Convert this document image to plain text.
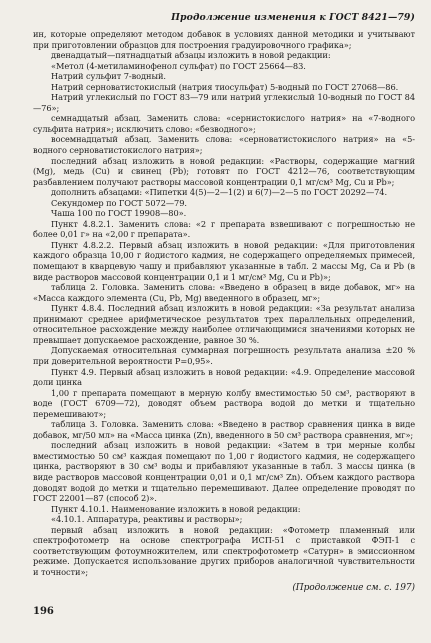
Продолжение изменения к ГОСТ 8421—79)

ин, которые определяют методом добавок в условиях данной методики и учитывают при приготовлении образцов для построения градуировочного графика»;

двенадцатый—пятнадцатый абзацы изложить в новой редакции:

«Метол (4-метиламинофенол сульфат) по ГОСТ 25664—83.

Натрий сульфит 7-водный.

Натрий серноватистокислый (натрия тиосульфат) 5-водный по ГОСТ 27068—86.

Натрий углекислый по ГОСТ 83—79 или натрий углекислый 10-водный по ГОСТ 84—76»;

семнадцатый абзац. Заменить слова: «сернистокислого натрия» на «7-водного сульфита натрия»; исключить слово: «безводного»;

восемнадцатый абзац. Заменить слова: «серноватистокислого натрия» на «5-водного серноватистокислого натрия»;

последний абзац изложить в новой редакции: «Растворы, содержащие магний (Mg), медь (Cu) и свинец (Pb); готовят по ГОСТ 4212—76, соответствующим разбавлением получают растворы массовой концентрации 0,1 мг/см³ Mg, Cu и Pb»;

дополнить абзацами: «Пипетки 4(5)—2—1(2) и 6(7)—2—5 по ГОСТ 20292—74.

Секундомер по ГОСТ 5072—79.

Чаша 100 по ГОСТ 19908—80».

Пункт 4.8.2.1. Заменить слова: «2 г препарата взвешивают с погрешностью не более 0,01 г» на «2,00 г препарата».

Пункт 4.8.2.2. Первый абзац изложить в новой редакции: «Для приготовления каждого образца 10,00 г йодистого кадмия, не содержащего определяемых примесей, помещают в кварцевую чашу и прибавляют указанные в табл. 2 массы Mg, Ca и Pb (в виде растворов массовой концентрации 0,1 и 1 мг/см³ Mg, Cu и Pb)»;

таблица 2. Головка. Заменить слова: «Введено в образец в виде добавок, мг» на «Масса каждого элемента (Cu, Pb, Mg) введенного в образец, мг»;

Пункт 4.8.4. Последний абзац изложить в новой редакции: «За результат анализа принимают среднее арифметическое результатов трех параллельных определений, относительное расхождение между наиболее отличающимися значениями которых не превышает допускаемое расхождение, равное 30 %.

Допускаемая относительная суммарная погрешность результата анализа ±20 % при доверительной вероятности P=0,95».

Пункт 4.9. Первый абзац изложить в новой редакции: «4.9. Определение массовой доли цинка

1,00 г препарата помещают в мерную колбу вместимостью 50 см³, растворяют в воде (ГОСТ 6709—72), доводят объем раствора водой до метки и тщательно перемешивают»;

таблица 3. Головка. Заменить слова: «Введено в раствор сравнения цинка в виде добавок, мг/50 мл» на «Масса цинка (Zn), введенного в 50 см³ раствора сравнения, мг»;

последний абзац изложить в новой редакции: «Затем в три мерные колбы вместимостью 50 см³ каждая помещают по 1,00 г йодистого кадмия, не содержащего цинка, растворяют в 30 см³ воды и прибавляют указанные в табл. 3 массы цинка (в виде растворов массовой концентрации 0,01 и 0,1 мг/см³ Zn). Объем каждого раствора доводят водой до метки и тщательно перемешивают. Далее определение проводят по ГОСТ 22001—87 (способ 2)».

Пункт 4.10.1. Наименование изложить в новой редакции:

«4.10.1. Аппаратура, реактивы и растворы»;

первый абзац изложить в новой редакции: «Фотометр пламенный или спектрофотометр на основе спектрографа ИСП-51 с приставкой ФЭП-1 с соответствующим фотоумножителем, или спектрофотометр «Сатурн» в эмиссионном режиме. Допускается использование других приборов аналогичной чувствительности и точности»;

(Продолжение см. с. 197)

196
